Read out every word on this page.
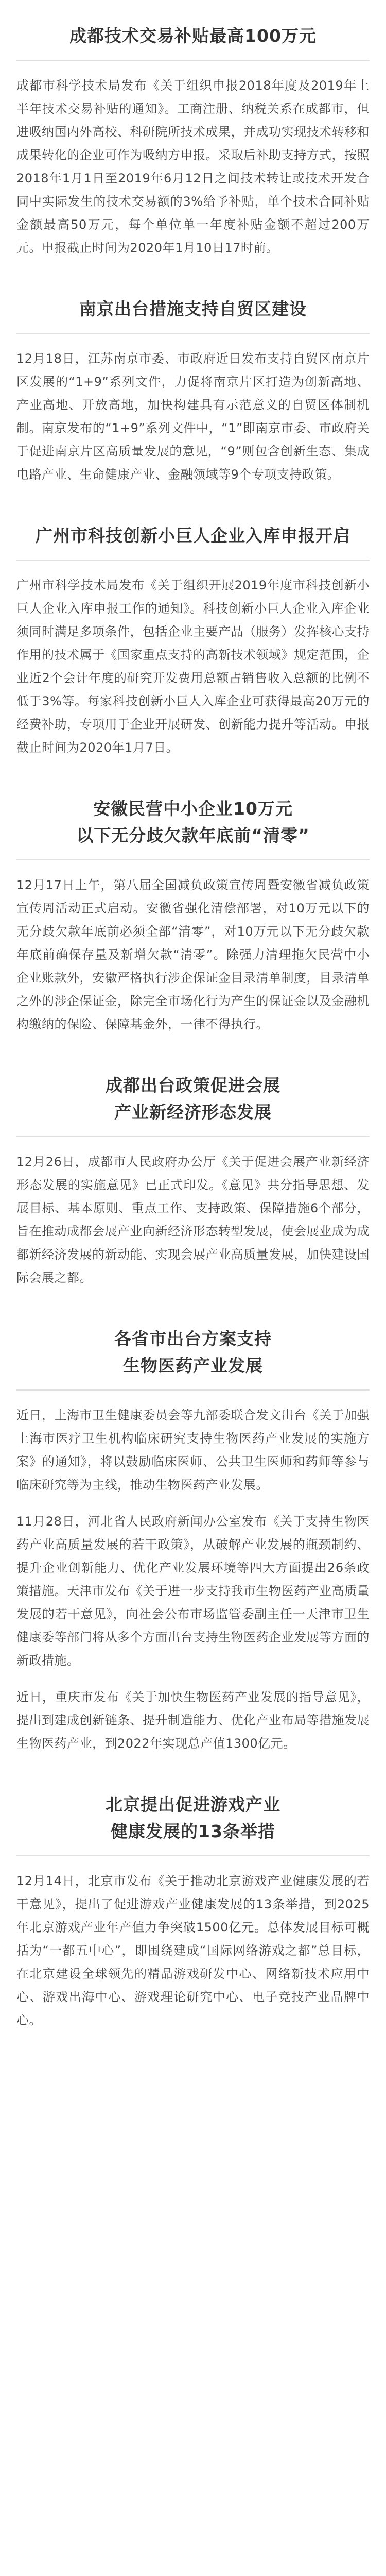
成都技术交易补贴最高100万元

成都市科学技术局发布《关于组织申报2018年度及2019年上半年技术交易补贴的通知》。工商注册、纳税关系在成都市，但进吸纳国内外高校、科研院所技术成果，并成功实现技术转移和成果转化的企业可作为吸纳方申报。采取后补助支持方式，按照2018年1月1日至2019年6月12日之间技术转让或技术开发合同中实际发生的技术交易额的3%给予补贴，单个技术合同补贴金额最高50万元，每个单位单一年度补贴金额不超过200万元。申报截止时间为2020年1月10日17时前。

南京出台措施支持自贸区建设

12月18日，江苏南京市委、市政府近日发布支持自贸区南京片区发展的“1+9”系列文件，力促将南京片区打造为创新高地、产业高地、开放高地，加快构建具有示范意义的自贸区体制机制。南京发布的“1+9”系列文件中，“1”即南京市委、市政府关于促进南京片区高质量发展的意见，“9”则包含创新生态、集成电路产业、生命健康产业、金融领域等9个专项支持政策。

广州市科技创新小巨人企业入库申报开启

广州市科学技术局发布《关于组织开展2019年度市科技创新小巨人企业入库申报工作的通知》。科技创新小巨人企业入库企业须同时满足多项条件，包括企业主要产品（服务）发挥核心支持作用的技术属于《国家重点支持的高新技术领域》规定范围，企业近2个会计年度的研究开发费用总额占销售收入总额的比例不低于3%等。每家科技创新小巨人入库企业可获得最高20万元的经费补助，专项用于企业开展研发、创新能力提升等活动。申报截止时间为2020年1月7日。

安徽民营中小企业10万元
以下无分歧欠款年底前“清零”

12月17日上午，第八届全国减负政策宣传周暨安徽省减负政策宣传周活动正式启动。安徽省强化清偿部署，对10万元以下的无分歧欠款年底前必须全部“清零”，对10万元以下无分歧欠款年底前确保存量及新增欠款“清零”。除强力清理拖欠民营中小企业账款外，安徽严格执行涉企保证金目录清单制度，目录清单之外的涉企保证金，除完全市场化行为产生的保证金以及金融机构缴纳的保险、保障基金外，一律不得执行。

成都出台政策促进会展
产业新经济形态发展

12月26日，成都市人民政府办公厅《关于促进会展产业新经济形态发展的实施意见》已正式印发。《意见》共分指导思想、发展目标、基本原则、重点工作、支持政策、保障措施6个部分，旨在推动成都会展产业向新经济形态转型发展，使会展业成为成都新经济发展的新动能、实现会展产业高质量发展，加快建设国际会展之都。

各省市出台方案支持
生物医药产业发展

近日，上海市卫生健康委员会等九部委联合发文出台《关于加强上海市医疗卫生机构临床研究支持生物医药产业发展的实施方案》的通知》，将以鼓励临床医师、公共卫生医师和药师等参与临床研究等为主线，推动生物医药产业发展。

11月28日，河北省人民政府新闻办公室发布《关于支持生物医药产业高质量发展的若干政策》，从破解产业发展的瓶颈制约、提升企业创新能力、优化产业发展环境等四大方面提出26条政策措施。天津市发布《关于进一步支持我市生物医药产业高质量发展的若干意见》，向社会公布市场监管委副主任一天津市卫生健康委等部门将从多个方面出台支持生物医药企业发展等方面的新政措施。

近日，重庆市发布《关于加快生物医药产业发展的指导意见》，提出到建成创新链条、提升制造能力、优化产业布局等措施发展生物医药产业，到2022年实现总产值1300亿元。

北京提出促进游戏产业
健康发展的13条举措

12月14日，北京市发布《关于推动北京游戏产业健康发展的若干意见》，提出了促进游戏产业健康发展的13条举措，到2025年北京游戏产业年产值力争突破1500亿元。总体发展目标可概括为“一都五中心”，即围绕建成“国际网络游戏之都”总目标，在北京建设全球领先的精品游戏研发中心、网络新技术应用中心、游戏出海中心、游戏理论研究中心、电子竞技产业品牌中心。
